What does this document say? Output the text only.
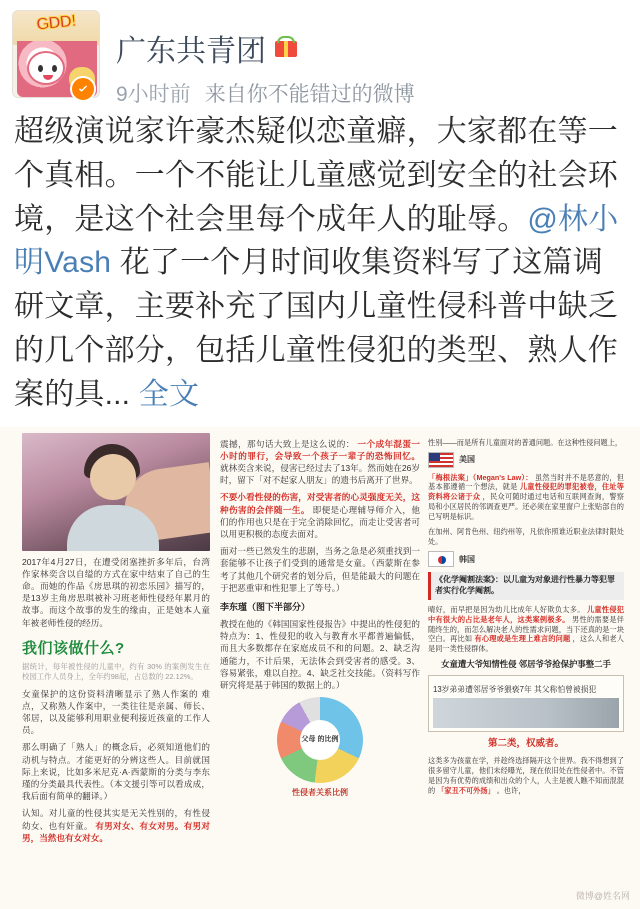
GDD!
广东共青团
9小时前 来自你不能错过的微博
超级演说家许豪杰疑似恋童癖，大家都在等一个真相。一个不能让儿童感觉到安全的社会环境，是这个社会里每个成年人的耻辱。@林小明Vash 花了一个月时间收集资料写了这篇调研文章，主要补充了国内儿童性侵科普中缺乏的几个部分，包括儿童性侵犯的类型、熟人作案的具... 全文
2017年4月27日，在遭受闭塞挫折多年后，台湾作家林奕含以自缢的方式在家中结束了自己的生命。而她的作品《房思琪的初恋乐园》描写的，是13岁主角房思琪被补习班老师性侵经年累月的故事。而这个故事的发生的缘由，正是她本人童年被老师性侵的经历。
我们该做什么?
据统计，每年被性侵的儿童中，约有 30% 的案例发生在校园工作人员身上，全年约98起，占总数的 22.12%。
女童保护的这份资料清晰显示了熟人作案的 难点，又称熟人作案中，一类往往是亲属、师长、邻居，以及能够利用职业便利接近孩童的工作人员。
那么明确了「熟人」的概念后，必须知道他们的动机与特点。才能更好的分辨这些人。目前就国际上来说，比如多米尼克·A·西蒙斯的分类与李东瑾的分类最具代表性。（本文援引等可以看成成，我后面有简单的翻译。）
认知。对儿童的性侵其实是无关性别的，有性侵幼女、也有奸童。 有男对女、有女对男。有男对男，当然也有女对女。
震撼，那句话大致上是这么说的： 一个成年混蛋一小时的罪行，会导致一个孩子一辈子的恐怖回忆。 就林奕含来说，侵害已经过去了13年。然而她在26岁时，留下「对不起家人朋友」的遗书后离开了世界。
不要小看性侵的伤害，对受害者的心灵强度无关，这种伤害的会伴随一生。 即便是心理辅导师介入，他们的作用也只是在于完全消除回忆，而走让受害者可以用更积极的态度去面对。
面对一些已然发生的悲剧，当务之急是必须重找到一套能够不让孩子们受到的通常是女童。（西蒙斯在参考了其他几个研究者的划分后，但是能最大的问题在于把恶重审和性犯罪上了等号。）
李东瑾（图下半部分）
教授在他的《韩国国家性侵报告》中提出的性侵犯的特点为：1、性侵犯的收入与教育水平都普遍偏低，而且大多数都存在家庭成员不和的问题。2、缺乏沟通能力，不计后果，无法体会到受害者的感受。3、容易紧张，难以自控。4、缺乏社交技能。（资料写作研究将是基于韩国的数据上的。）
父母 的比例
性侵者关系比例
性别——而是所有儿童面对的普通问题。在这种性侵问题上，
美国
「梅根法案」（Megan's Law）： 虽然当时并不是恶意的，但基本都遵循一个想法，就是 儿童性侵犯的罪犯被卷，住址等资料将公诸于众 ，民众可随时通过电话和互联网查询，警察局和小区居民的邻调查更严。还必须在家里窗户上张贴部自的已写明是标识。
在加州、阿肯色州、纽约州等，凡依你照谁近职业法律时限处处。
韩国
《化学阉割法案》：以儿童为对象进行性暴力等犯罪者实行化学阉割。
晴好，而早把是因为幼儿比成年人好欺负太多。 儿童性侵犯中有很大的占比是老年人，这类案例极多。 男性的需要是伴随终生的，而怎么解决老人的性需求问题，当下还真的是一块空白。再比如 有心理或是生理上难言的问题 ，这么人和老人是同一类性侵群体。
女童遭大爷知情性侵 邻居爷爷抢保护事整二手
13岁弟弟遭邻居爷爷猥亵7年 其父称怕曾被损犯
第二类，权威者。
这类多为孩童在学，并趁终选择隔开这个世界。我不得想到了很多留守儿童，他们未经曝光，现在依旧处在性侵者中。不管是因为有优势的成绩和出众的个人，人主是被人瞧不知而混混的 「家丑不可外扬」 。也许，
微博@姓名网
